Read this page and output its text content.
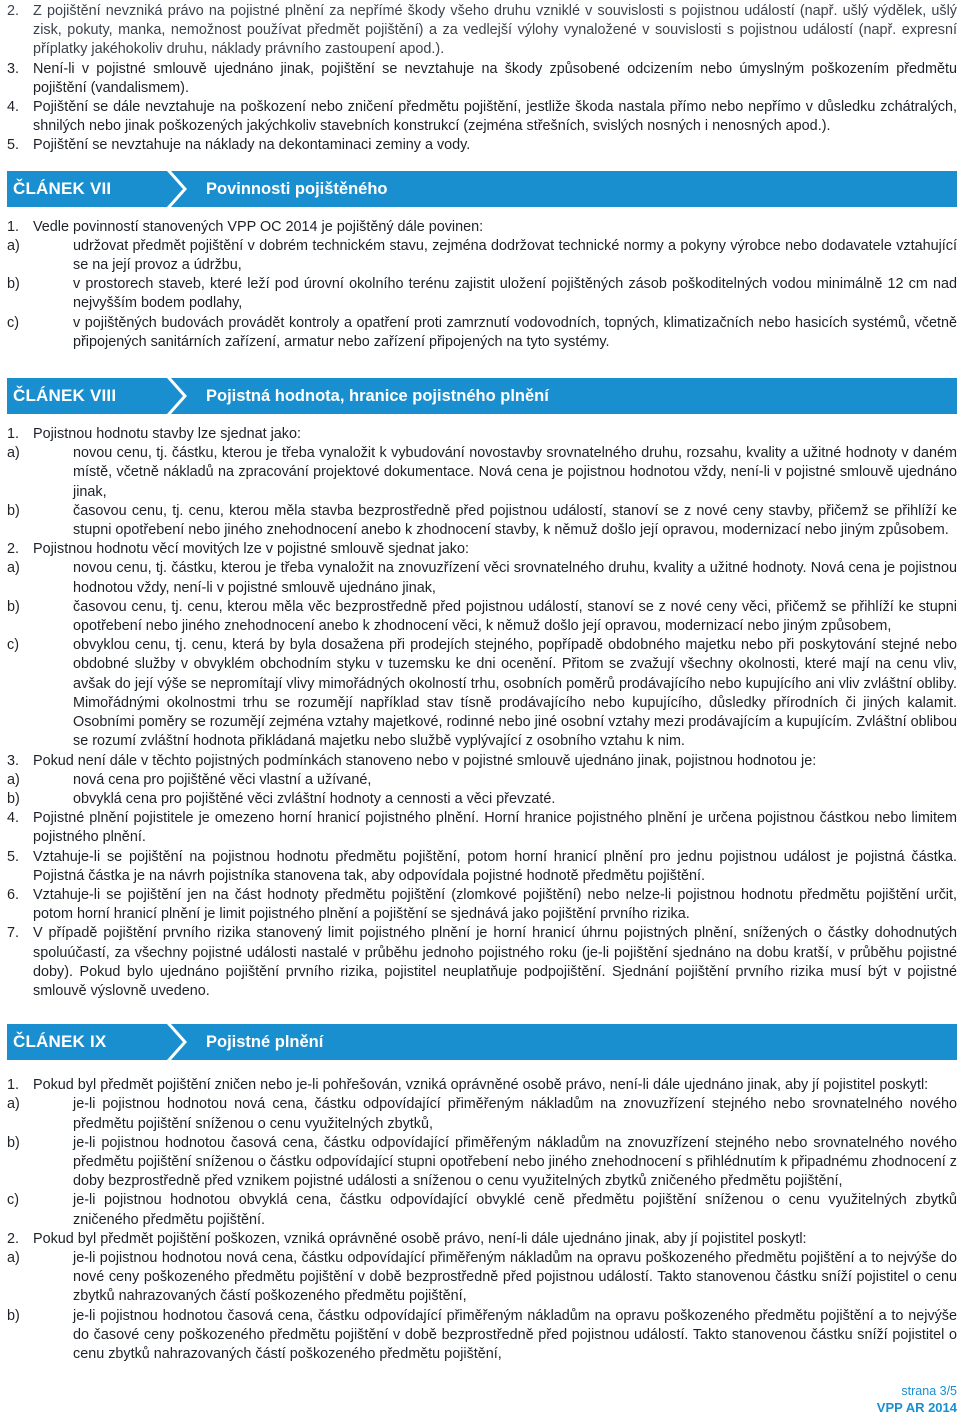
2. Z pojištění nevzniká právo na pojistné plnění za nepřímé škody všeho druhu vzniklé v souvislosti s pojistnou událostí (např. ušlý výdělek, ušlý zisk, pokuty, manka, nemožnost používat předmět pojištění) a za vedlejší výlohy vynaložené v souvislosti s pojistnou událostí (např. expresní příplatky jakéhokoliv druhu, náklady právního zastoupení apod.).
3. Není-li v pojistné smlouvě ujednáno jinak, pojištění se nevztahuje na škody způsobené odcizením nebo úmyslným poškozením předmětu pojištění (vandalismem).
4. Pojištění se dále nevztahuje na poškození nebo zničení předmětu pojištění, jestliže škoda nastala přímo nebo nepřímo v důsledku zchátralých, shnilých nebo jinak poškozených jakýchkoliv stavebních konstrukcí (zejména střešních, svislých nosných i nenosných apod.).
5. Pojištění se nevztahuje na náklady na dekontaminaci zeminy a vody.
ČLÁNEK VII	Povinnosti pojištěného
1. Vedle povinností stanovených VPP OC 2014 je pojištěný dále povinen:
a)	udržovat předmět pojištění v dobrém technickém stavu, zejména dodržovat technické normy a pokyny výrobce nebo dodavatele vztahující se na její provoz a údržbu,
b)	v prostorech staveb, které leží pod úrovní okolního terénu zajistit uložení pojištěných zásob poškoditelných vodou minimálně 12 cm nad nejvyšším bodem podlahy,
c)	v pojištěných budovách provádět kontroly a opatření proti zamrznutí vodovodních, topných, klimatizačních nebo hasicích systémů, včetně připojených sanitárních zařízení, armatur nebo zařízení připojených na tyto systémy.
ČLÁNEK VIII	Pojistná hodnota, hranice pojistného plnění
1. Pojistnou hodnotu stavby lze sjednat jako:
a)	novou cenu, tj. částku, kterou je třeba vynaložit k vybudování novostavby srovnatelného druhu, rozsahu, kvality a užitné hodnoty v daném místě, včetně nákladů na zpracování projektové dokumentace. Nová cena je pojistnou hodnotou vždy, není-li v pojistné smlouvě ujednáno jinak,
b)	časovou cenu, tj. cenu, kterou měla stavba bezprostředně před pojistnou událostí, stanoví se z nové ceny stavby, přičemž se přihlíží ke stupni opotřebení nebo jiného znehodnocení anebo k zhodnocení stavby, k němuž došlo její opravou, modernizací nebo jiným způsobem.
2. Pojistnou hodnotu věcí movitých lze v pojistné smlouvě sjednat jako:
a)	novou cenu, tj. částku, kterou je třeba vynaložit na znovuzřízení věci srovnatelného druhu, kvality a užitné hodnoty. Nová cena je pojistnou hodnotou vždy, není-li v pojistné smlouvě ujednáno jinak,
b)	časovou cenu, tj. cenu, kterou měla věc bezprostředně před pojistnou událostí, stanoví se z nové ceny věci, přičemž se přihlíží ke stupni opotřebení nebo jiného znehodnocení anebo k zhodnocení věci, k němuž došlo její opravou, modernizací nebo jiným způsobem,
c)	obvyklou cenu, tj. cenu, která by byla dosažena při prodejích stejného, popřípadě obdobného majetku nebo při poskytování stejné nebo obdobné služby v obvyklém obchodním styku v tuzemsku ke dni ocenění. Přitom se zvažují všechny okolnosti, které mají na cenu vliv, avšak do její výše se nepromítají vlivy mimořádných okolností trhu, osobních poměrů prodávajícího nebo kupujícího ani vliv zvláštní obliby. Mimořádnými okolnostmi trhu se rozumějí například stav tísně prodávajícího nebo kupujícího, důsledky přírodních či jiných kalamit. Osobními poměry se rozumějí zejména vztahy majetkové, rodinné nebo jiné osobní vztahy mezi prodávajícím a kupujícím. Zvláštní oblibou se rozumí zvláštní hodnota přikládaná majetku nebo službě vyplývající z osobního vztahu k nim.
3. Pokud není dále v těchto pojistných podmínkách stanoveno nebo v pojistné smlouvě ujednáno jinak, pojistnou hodnotou je:
a)	nová cena pro pojištěné věci vlastní a užívané,
b)	obvyklá cena pro pojištěné věci zvláštní hodnoty a cennosti a věci převzaté.
4. Pojistné plnění pojistitele je omezeno horní hranicí pojistného plnění. Horní hranice pojistného plnění je určena pojistnou částkou nebo limitem pojistného plnění.
5. Vztahuje-li se pojištění na pojistnou hodnotu předmětu pojištění, potom horní hranicí plnění pro jednu pojistnou událost je pojistná částka. Pojistná částka je na návrh pojistníka stanovena tak, aby odpovídala pojistné hodnotě předmětu pojištění.
6. Vztahuje-li se pojištění jen na část hodnoty předmětu pojištění (zlomkové pojištění) nebo nelze-li pojistnou hodnotu předmětu pojištění určit, potom horní hranicí plnění je limit pojistného plnění a pojištění se sjednává jako pojištění prvního rizika.
7. V případě pojištění prvního rizika stanovený limit pojistného plnění je horní hranicí úhrnu pojistných plnění, snížených o částky dohodnutých spoluúčastí, za všechny pojistné události nastalé v průběhu jednoho pojistného roku (je-li pojištění sjednáno na dobu kratší, v průběhu pojistné doby). Pokud bylo ujednáno pojištění prvního rizika, pojistitel neuplatňuje podpojištění. Sjednání pojištění prvního rizika musí být v pojistné smlouvě výslovně uvedeno.
ČLÁNEK IX	Pojistné plnění
1. Pokud byl předmět pojištění zničen nebo je-li pohřešován, vzniká oprávněné osobě právo, není-li dále ujednáno jinak, aby jí pojistitel poskytl:
a)	je-li pojistnou hodnotou nová cena, částku odpovídající přiměřeným nákladům na znovuzřízení stejného nebo srovnatelného nového předmětu pojištění sníženou o cenu využitelných zbytků,
b)	je-li pojistnou hodnotou časová cena, částku odpovídající přiměřeným nákladům na znovuzřízení stejného nebo srovnatelného nového předmětu pojištění sníženou o částku odpovídající stupni opotřebení nebo jiného znehodnocení s přihlédnutím k připadnému zhodnocení z doby bezprostředně před vznikem pojistné události a sníženou o cenu využitelných zbytků zničeného předmětu pojištění,
c)	je-li pojistnou hodnotou obvyklá cena, částku odpovídající obvyklé ceně předmětu pojištění sníženou o cenu využitelných zbytků zničeného předmětu pojištění.
2. Pokud byl předmět pojištění poškozen, vzniká oprávněné osobě právo, není-li dále ujednáno jinak, aby jí pojistitel poskytl:
a)	je-li pojistnou hodnotou nová cena, částku odpovídající přiměřeným nákladům na opravu poškozeného předmětu pojištění a to nejvýše do nové ceny poškozeného předmětu pojištění v době bezprostředně před pojistnou událostí. Takto stanovenou částku sníží pojistitel o cenu zbytků nahrazovaných částí poškozeného předmětu pojištění,
b)	je-li pojistnou hodnotou časová cena, částku odpovídající přiměřeným nákladům na opravu poškozeného předmětu pojištění a to nejvýše do časové ceny poškozeného předmětu pojištění v době bezprostředně před pojistnou událostí. Takto stanovenou částku sníží pojistitel o cenu zbytků nahrazovaných částí poškozeného předmětu pojištění,
strana 3/5
VPP AR 2014
